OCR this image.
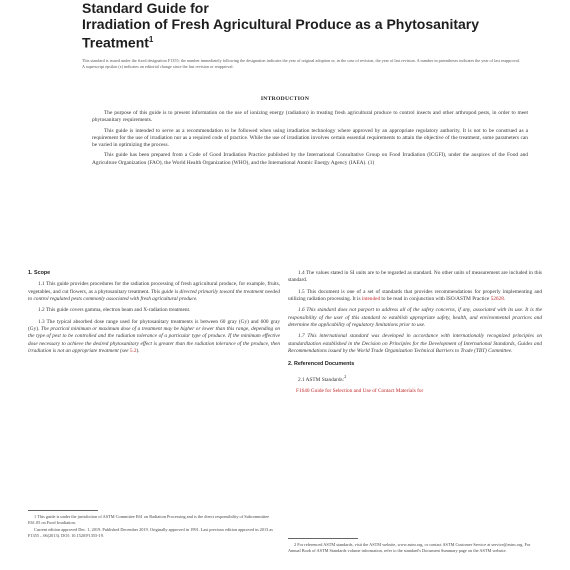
Standard Guide for
Irradiation of Fresh Agricultural Produce as a Phytosanitary Treatment$^1$
This standard is issued under the fixed designation F1355; the number immediately following the designation indicates the year of original adoption or, in the case of revision, the year of last revision. A number in parentheses indicates the year of last reapproval. A superscript epsilon (ε) indicates an editorial change since the last revision or reapproval.
INTRODUCTION

The purpose of this guide is to present information on the use of ionizing energy (radiation) in treating fresh agricultural produce to control insects and other arthropod pests, in order to meet phytosanitary requirements.

This guide is intended to serve as a recommendation to be followed when using irradiation technology where approved by an appropriate regulatory authority. It is not to be construed as a requirement for the use of irradiation nor as a required code of practice. While the use of irradiation involves certain essential requirements to attain the objective of the treatment, some parameters can be varied in optimizing the process.

This guide has been prepared from a Code of Good Irradiation Practice published by the International Consultative Group on Food Irradiation (ICGFI), under the auspices of the Food and Agriculture Organization (FAO), the World Health Organization (WHO), and the International Atomic Energy Agency (IAEA). (1)

1. Scope

1.1 This guide provides procedures for the radiation processing of fresh agricultural produce, for example, fruits, vegetables, and cut flowers, as a phytosanitary treatment. This guide is directed primarily toward the treatment needed to control regulated pests commonly associated with fresh agricultural produce.

1.2 This guide covers gamma, electron beam and X-radiation treatment.

1.3 The typical absorbed dose range used for phytosanitary treatments is between 60 gray (Gy) and 600 gray (Gy). The practical minimum or maximum dose of a treatment may be higher or lower than this range, depending on the type of pest to be controlled and the radiation tolerance of a particular type of produce. If the minimum effective dose necessary to achieve the desired phytosanitary effect is greater than the radiation tolerance of the produce, then irradiation is not an appropriate treatment (see 5.2).

1.4 The values stated in SI units are to be regarded as standard. No other units of measurement are included in this standard.

1.5 This document is one of a set of standards that provides recommendations for properly implementing and utilizing radiation processing. It is intended to be read in conjunction with ISO/ASTM Practice 52628.

1.6 This standard does not purport to address all of the safety concerns, if any, associated with its use. It is the responsibility of the user of this standard to establish appropriate safety, health, and environmental practices and determine the applicability of regulatory limitations prior to use.

1.7 This international standard was developed in accordance with internationally recognized principles on standardization established in the Decision on Principles for the Development of International Standards, Guides and Recommendations issued by the World Trade Organization Technical Barriers to Trade (TBT) Committee.

2. Referenced Documents

2.1 ASTM Standards:$^2$

F1640 Guide for Selection and Use of Contact Materials for

1 This guide is under the jurisdiction of ASTM Committee E61 on Radiation Processing and is the direct responsibility of Subcommittee E61.05 on Food Irradiation.

Current edition approved Dec. 1, 2019. Published December 2019. Originally approved in 1991. Last previous edition approved in 2013 as F1355 – 06(2013). DOI: 10.1520/F1355-19.

2 For referenced ASTM standards, visit the ASTM website, www.astm.org, or contact ASTM Customer Service at service@astm.org. For Annual Book of ASTM Standards volume information, refer to the standard's Document Summary page on the ASTM website.
